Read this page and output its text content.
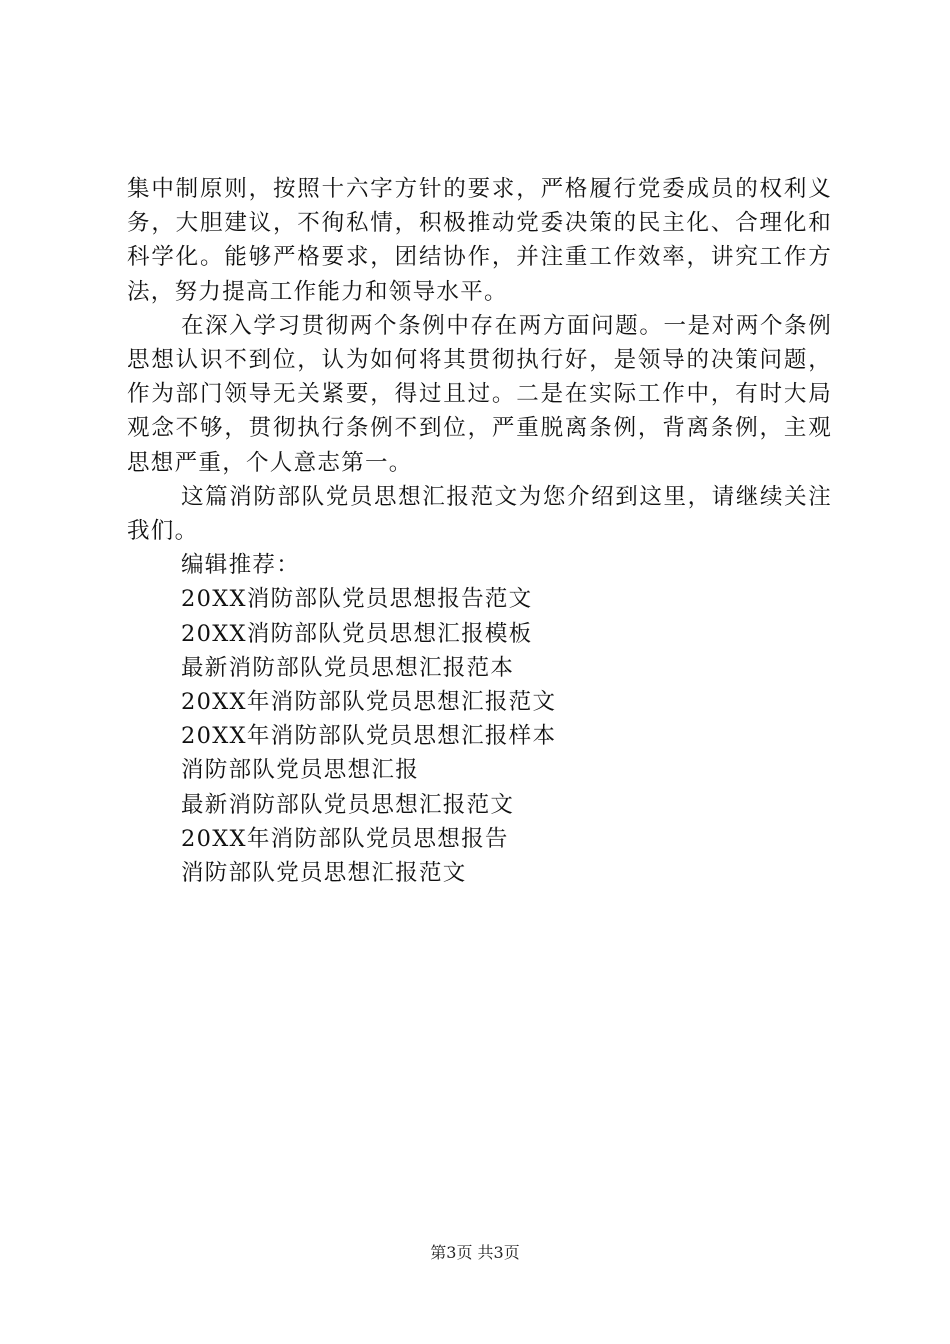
集中制原则，按照十六字方针的要求，严格履行党委成员的权利义务，大胆建议，不徇私情，积极推动党委决策的民主化、合理化和科学化。能够严格要求，团结协作，并注重工作效率，讲究工作方法，努力提高工作能力和领导水平。

在深入学习贯彻两个条例中存在两方面问题。一是对两个条例思想认识不到位，认为如何将其贯彻执行好，是领导的决策问题，作为部门领导无关紧要，得过且过。二是在实际工作中，有时大局观念不够，贯彻执行条例不到位，严重脱离条例，背离条例，主观思想严重，个人意志第一。

这篇消防部队党员思想汇报范文为您介绍到这里，请继续关注我们。

编辑推荐：
20XX消防部队党员思想报告范文
20XX消防部队党员思想汇报模板
最新消防部队党员思想汇报范本
20XX年消防部队党员思想汇报范文
20XX年消防部队党员思想汇报样本
消防部队党员思想汇报
最新消防部队党员思想汇报范文
20XX年消防部队党员思想报告
消防部队党员思想汇报范文
第3页 共3页
